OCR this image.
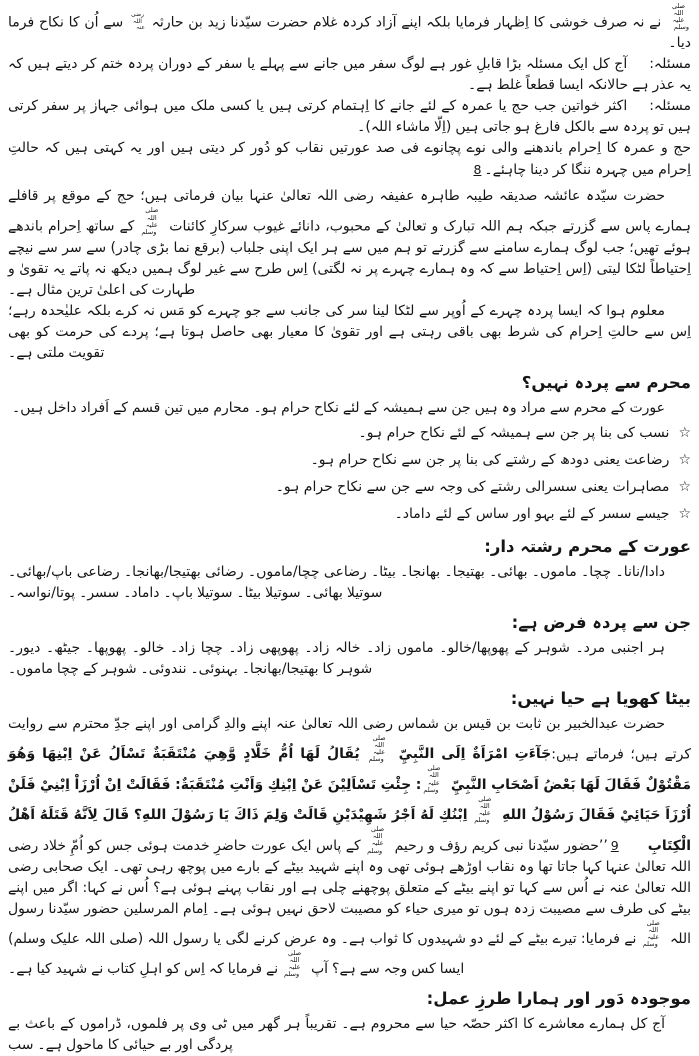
صلی اللہ علیہ وسلم نے نہ صرف خوشی کا اِظہار فرمایا بلکہ اپنے آزاد کردہ غلام حضرت سیّدنا زید بن حارثہ رضی اللہ عنہ سے اُن کا نکاح فرما دیا۔

مسئلہ:آج کل ایک مسئلہ بڑا قابلِ غور ہے لوگ سفر میں جانے سے پہلے یا سفر کے دوران پردہ ختم کر دیتے ہیں کہ یہ عذر ہے حالانکہ ایسا قطعاً غلط ہے۔

مسئلہ:اکثر خواتین جب حج یا عمرہ کے لئے جانے کا اِہتمام کرتی ہیں یا کسی ملک میں ہوائی جہاز پر سفر کرتی ہیں تو پردہ سے بالکل فارغ ہو جاتی ہیں (اِلّا ماشاء اللہ)۔

حج و عمرہ کا اِحرام باندھنے والی نوے پچانوے فی صد عورتیں نقاب کو دُور کر دیتی ہیں اور یہ کہتی ہیں کہ حالتِ اِحرام میں چہرہ ننگا کر دینا چاہئے۔8

حضرت سیّدہ عائشہ صدیقہ طیبہ طاہرہ عفیفہ رضی اللہ تعالیٰ عنہا بیان فرماتی ہیں؛ حج کے موقع پر قافلے ہمارے پاس سے گزرتے جبکہ ہم اللہ تبارک و تعالیٰ کے محبوب، دانائے غیوب سرکارِ کائنات صلی اللہ علیہ وسلم کے ساتھ اِحرام باندھے ہوئے تھیں؛ جب لوگ ہمارے سامنے سے گزرتے تو ہم میں سے ہر ایک اپنی جلباب (برقع نما بڑی چادر) سے سر سے نیچے اِحتیاطاً لٹکا لیتی (اِس اِحتیاط سے کہ وہ ہمارے چہرے پر نہ لگتی) اِس طرح سے غیر لوگ ہمیں دیکھ نہ پاتے یہ تقویٰ و طہارت کی اعلیٰ ترین مثال ہے۔

معلوم ہوا کہ ایسا پردہ چہرے کے اُوپر سے لٹکا لینا سر کی جانب سے جو چہرے کو مَس نہ کرے بلکہ علیٰحدہ رہے؛ اِس سے حالتِ اِحرام کی شرط بھی باقی رہتی ہے اور تقویٰ کا معیار بھی حاصل ہوتا ہے؛ پردے کی حرمت کو بھی تقویت ملتی ہے۔

محرم سے پردہ نہیں؟

عورت کے محرم سے مراد وہ ہیں جن سے ہمیشہ کے لئے نکاح حرام ہو۔ محارم میں تین قسم کے اَفراد داخل ہیں۔

☆نسب کی بنا پر جن سے ہمیشہ کے لئے نکاح حرام ہو۔
☆رضاعت یعنی دودھ کے رشتے کی بنا پر جن سے نکاح حرام ہو۔
☆مصاہرات یعنی سسرالی رشتے کی وجہ سے جن سے نکاح حرام ہو۔
☆جیسے سسر کے لئے بہو اور ساس کے لئے داماد۔
عورت کے محرم رشتہ دار:

دادا/نانا۔ چچا۔ ماموں۔ بھائی۔ بھتیجا۔ بھانجا۔ بیٹا۔ رضاعی چچا/ماموں۔ رضائی بھتیجا/بھانجا۔ رضاعی باپ/بھائی۔ سوتیلا بھائی۔ سوتیلا بیٹا۔ سوتیلا باپ۔ داماد۔ سسر۔ پوتا/نواسہ۔

جن سے پردہ فرض ہے:

ہر اجنبی مرد۔ شوہر کے پھوپھا/خالو۔ ماموں زاد۔ خالہ زاد۔ پھوپھی زاد۔ چچا زاد۔ خالو۔ پھوپھا۔ جیٹھ۔ دیور۔ شوہر کا بھتیجا/بھانجا۔ بہنوئی۔ نندوئی۔ شوہر کے چچا ماموں۔

بیٹا کھویا ہے حیا نہیں:

حضرت عبدالخبیر بن ثابت بن قیس بن شماس رضی اللہ تعالیٰ عنہ اپنے والدِ گرامی اور اپنے جدِّ محترم سے روایت کرتے ہیں؛ فرماتے ہیں:جَآءَتِ امْرَاَةٌ اِلَى النَّبِيِّ صلی اللہ علیہ وسلم يُقَالُ لَهَا اُمُّ خَلَّادٍ وَّهِيَ مُنْتَقَبَةٌ تَسْاَلُ عَنْ اِبْنِهَا وَهُوَ مَقْتُوْلٌ فَقَالَ لَهَا بَعْضُ اَصْحَابِ النَّبِيِّ صلی اللہ علیہ وسلم: جِئْتِ تَسْاَلِيْنَ عَنْ اِبْنِكِ وَاَنْتِ مُنْتَقَبَةٌ: فَقَالَتْ اِنْ اُرْزَاْ اِبْنِيْ فَلَنْ اُرْزَاَ حَيَائِيْ فَقَالَ رَسُوْلُ اللهِ صلی اللہ علیہ وسلم اِبْنُكِ لَهُ اَجْرُ شَهِيْدَيْنِ قَالَتْ وَلِمَ ذَاكَ يَا رَسُوْلَ اللهِ؟ قَالَ لِاَنَّهُ قَتَلَهُ اَهْلُ الْكِتَابِ9’’حضور سیّدنا نبی کریم رؤف و رحیم صلی اللہ علیہ وسلم کے پاس ایک عورت حاضرِ خدمت ہوئی جس کو اُمِّ خلاد رضی اللہ تعالیٰ عنہا کہا جاتا تھا وہ نقاب اوڑھے ہوئی تھی وہ اپنے شہید بیٹے کے بارے میں پوچھ رہی تھی۔ ایک صحابی رضی اللہ تعالیٰ عنہ نے اُس سے کہا تو اپنے بیٹے کے متعلق پوچھنے چلی ہے اور نقاب پہنے ہوئی ہے؟ اُس نے کہا: اگر میں اپنے بیٹے کی طرف سے مصیبت زدہ ہوں تو میری حیاء کو مصیبت لاحق نہیں ہوئی ہے۔ اِمام المرسلین حضور سیّدنا رسول اللہ صلی اللہ علیہ وسلم نے فرمایا: تیرے بیٹے کے لئے دو شہیدوں کا ثواب ہے۔ وہ عرض کرنے لگی یا رسول اللہ (صلی اللہ علیک وسلم) ایسا کس وجہ سے ہے؟ آپ صلی اللہ علیہ وسلم نے فرمایا کہ اِس کو اہلِ کتاب نے شہید کیا ہے۔

موجودہ دَور اور ہمارا طرزِ عمل:

آج کل ہمارے معاشرے کا اکثر حصّہ حیا سے محروم ہے۔ تقریباً ہر گھر میں ٹی وی پر فلموں، ڈراموں کے باعث بے پردگی اور بے حیائی کا ماحول ہے۔ سب
